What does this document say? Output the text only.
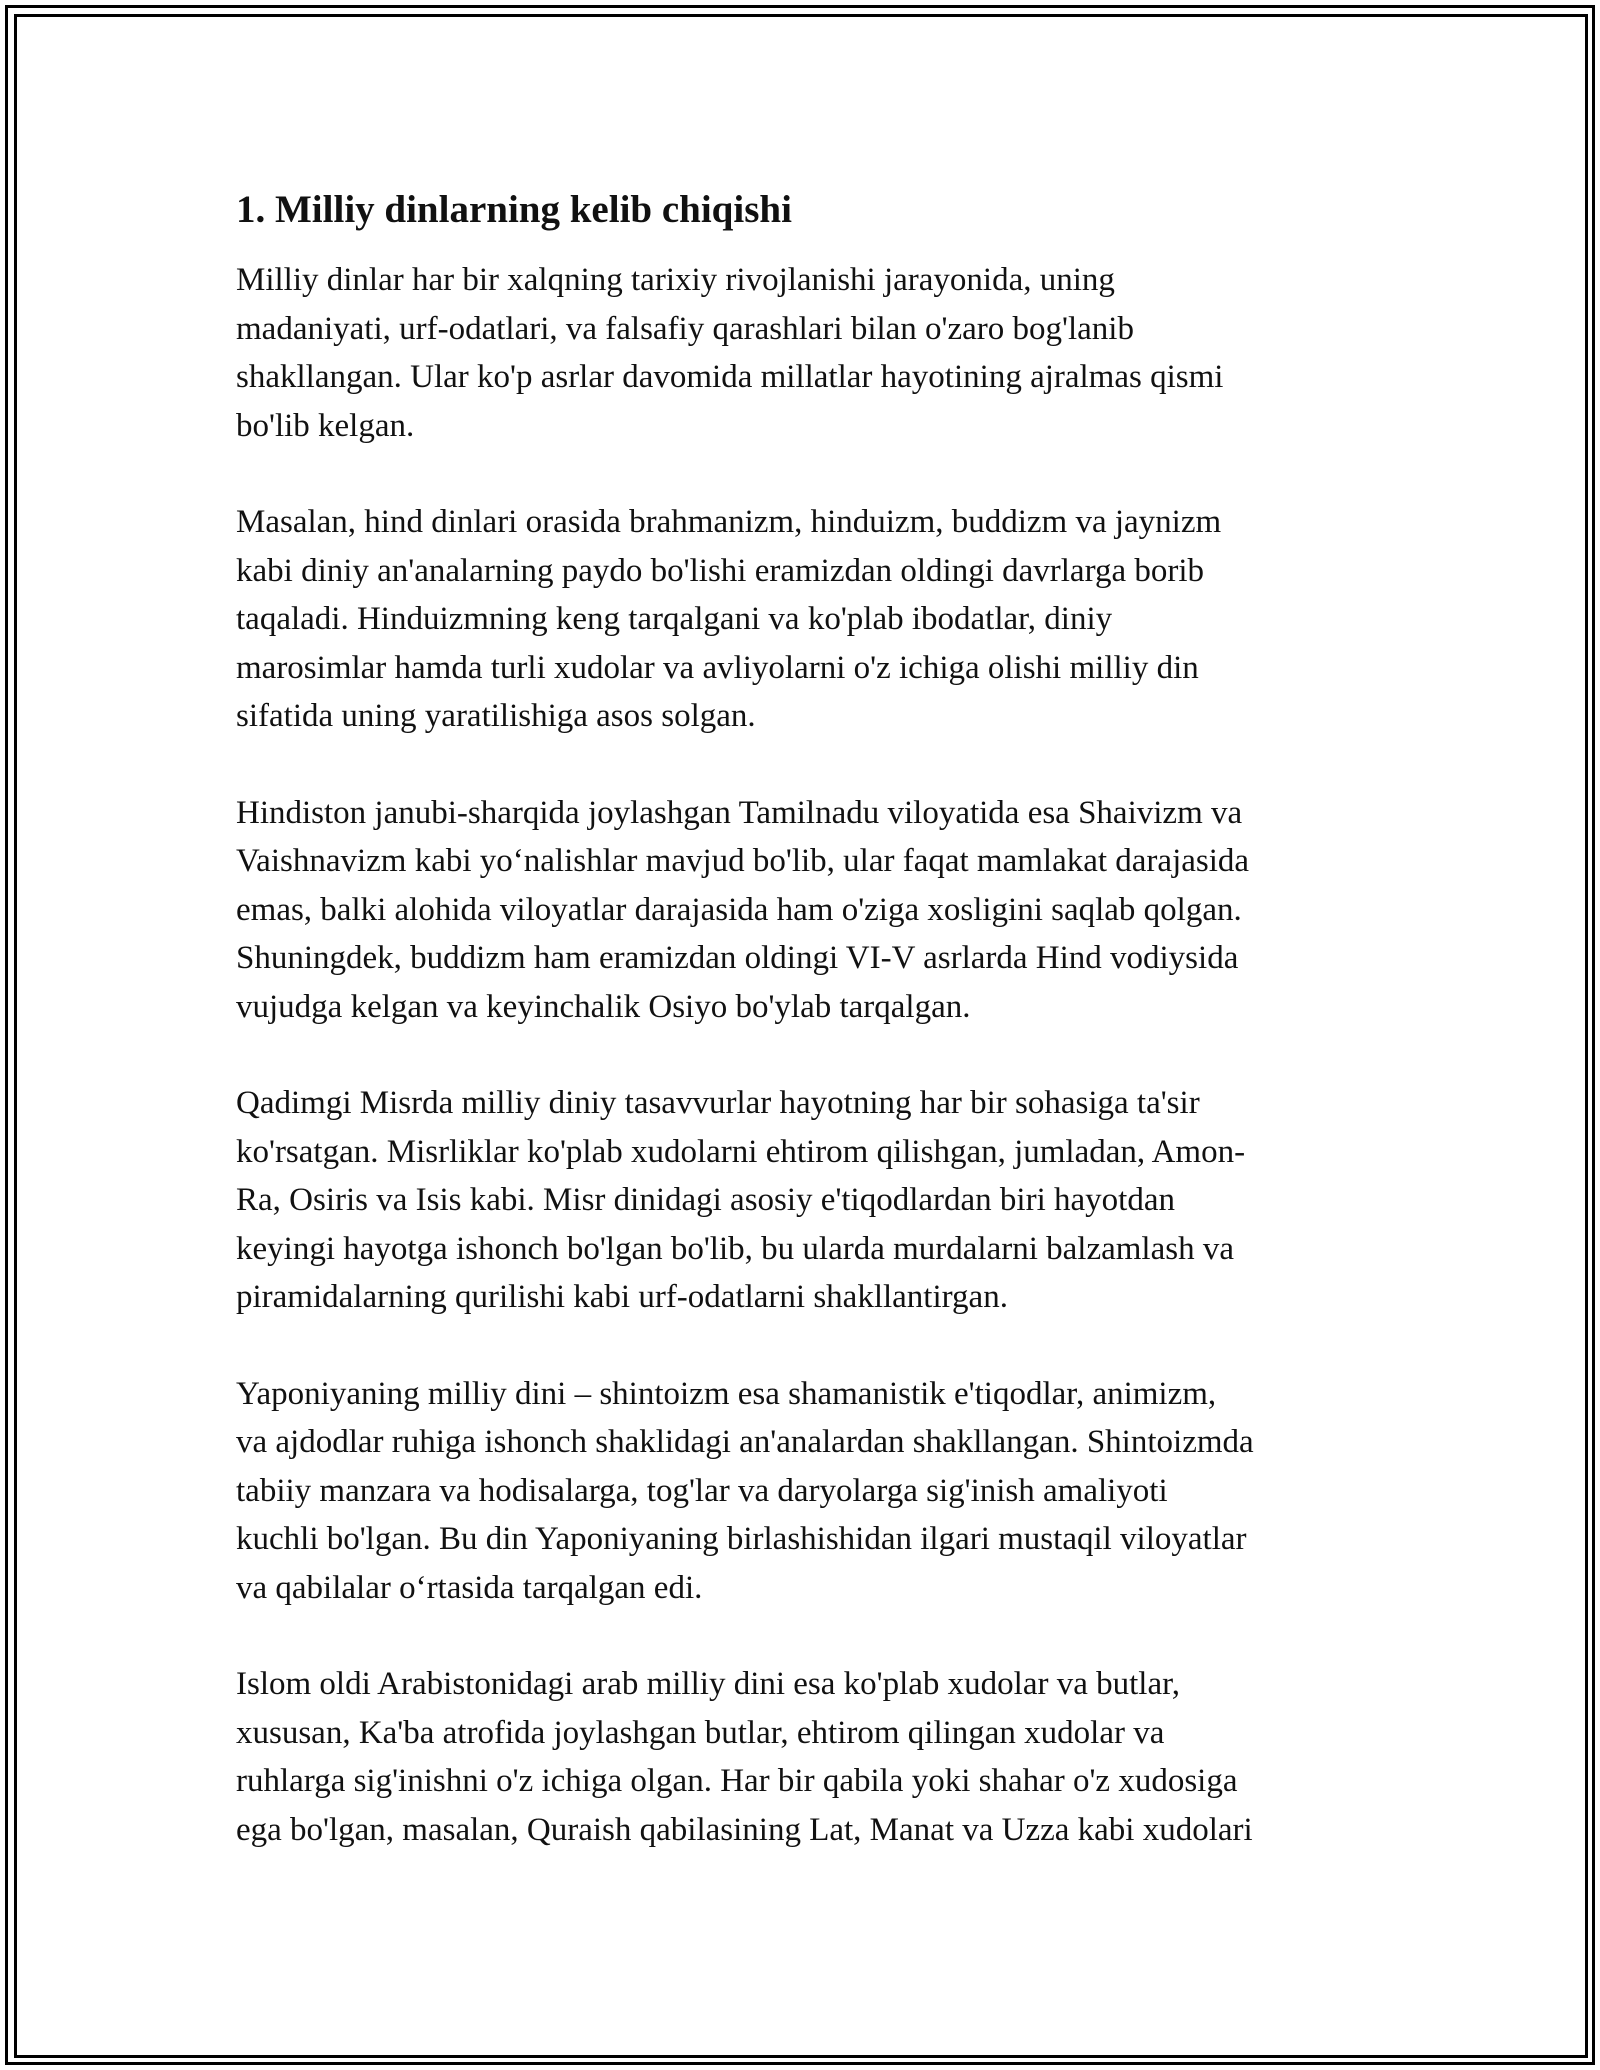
1. Milliy dinlarning kelib chiqishi
Milliy dinlar har bir xalqning tarixiy rivojlanishi jarayonida, uning
madaniyati, urf-odatlari, va falsafiy qarashlari bilan o'zaro bog'lanib
shakllangan. Ular ko'p asrlar davomida millatlar hayotining ajralmas qismi
bo'lib kelgan.
Masalan, hind dinlari orasida brahmanizm, hinduizm, buddizm va jaynizm
kabi diniy an'analarning paydo bo'lishi eramizdan oldingi davrlarga borib
taqaladi. Hinduizmning keng tarqalgani va ko'plab ibodatlar, diniy
marosimlar hamda turli xudolar va avliyolarni o'z ichiga olishi milliy din
sifatida uning yaratilishiga asos solgan.
Hindiston janubi-sharqida joylashgan Tamilnadu viloyatida esa Shaivizm va
Vaishnavizm kabi yo‘nalishlar mavjud bo'lib, ular faqat mamlakat darajasida
emas, balki alohida viloyatlar darajasida ham o'ziga xosligini saqlab qolgan.
Shuningdek, buddizm ham eramizdan oldingi VI-V asrlarda Hind vodiysida
vujudga kelgan va keyinchalik Osiyo bo'ylab tarqalgan.
Qadimgi Misrda milliy diniy tasavvurlar hayotning har bir sohasiga ta'sir
ko'rsatgan. Misrliklar ko'plab xudolarni ehtirom qilishgan, jumladan, Amon-
Ra, Osiris va Isis kabi. Misr dinidagi asosiy e'tiqodlardan biri hayotdan
keyingi hayotga ishonch bo'lgan bo'lib, bu ularda murdalarni balzamlash va
piramidalarning qurilishi kabi urf-odatlarni shakllantirgan.
Yaponiyaning milliy dini – shintoizm esa shamanistik e'tiqodlar, animizm,
va ajdodlar ruhiga ishonch shaklidagi an'analardan shakllangan. Shintoizmda
tabiiy manzara va hodisalarga, tog'lar va daryolarga sig'inish amaliyoti
kuchli bo'lgan. Bu din Yaponiyaning birlashishidan ilgari mustaqil viloyatlar
va qabilalar o‘rtasida tarqalgan edi.
Islom oldi Arabistonidagi arab milliy dini esa ko'plab xudolar va butlar,
xususan, Ka'ba atrofida joylashgan butlar, ehtirom qilingan xudolar va
ruhlarga sig'inishni o'z ichiga olgan. Har bir qabila yoki shahar o'z xudosiga
ega bo'lgan, masalan, Quraish qabilasining Lat, Manat va Uzza kabi xudolari
